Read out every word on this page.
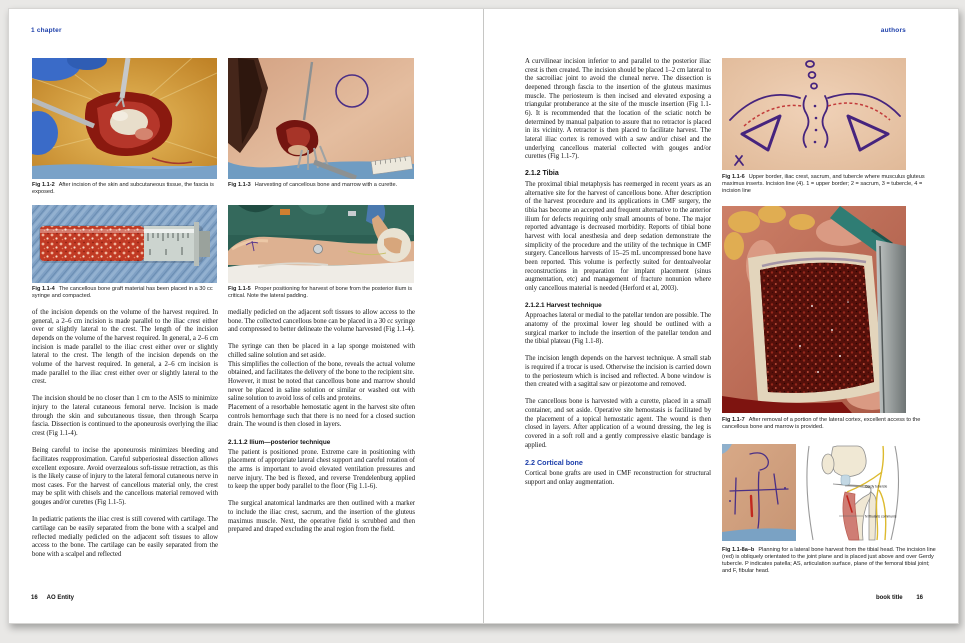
1 chapter
Fig 1.1-2 After incision of the skin and subcutaneous tissue, the fascia is exposed.
Fig 1.1-3 Harvesting of cancellous bone and marrow with a curette.
Fig 1.1-4 The cancellous bone graft material has been placed in a 30 cc syringe and compacted.
Fig 1.1-5 Proper positioning for harvest of bone from the posterior ilium is critical. Note the lateral padding.

of the incision depends on the volume of the harvest required. In general, a 2–6 cm incision is made parallel to the iliac crest either over or slightly lateral to the crest. The length of the incision depends on the volume of the harvest required. In general, a 2–6 cm incision is made parallel to the iliac crest either over or slightly lateral to the crest. The length of the incision depends on the volume of the harvest required. In general, a 2–6 cm incision is made parallel to the iliac crest either over or slightly lateral to the crest.

The incision should be no closer than 1 cm to the ASIS to minimize injury to the lateral cutaneous femoral nerve. Incision is made through the skin and subcutaneous tissue, then through Scarpa fascia. Dissection is continued to the aponeurosis overlying the iliac crest (Fig 1.1-4).

Being careful to incise the aponeurosis minimizes bleeding and facilitates reapproximation. Careful subperiosteal dissection allows excellent exposure. Avoid overzealous soft-tissue retraction, as this is the likely cause of injury to the lateral femoral cutaneous nerve in most cases. For the harvest of cancellous material only, the crest may be split with chisels and the cancellous material removed with gouges and/or curettes (Fig 1.1-5).

In pediatric patients the iliac crest is still covered with cartilage. The cartilage can be easily separated from the bone with a scalpel and reflected medially pedicled on the adjacent soft tissues to allow access to the bone. The cartilage can be easily separated from the bone with a scalpel and reflected

medially pedicled on the adjacent soft tissues to allow access to the bone. The collected cancellous bone can be placed in a 30 cc syringe and compressed to better delineate the volume harvested (Fig 1.1-4).

The syringe can then be placed in a lap sponge moistened with chilled saline solution and set aside.

This simplifies the collection of the bone, reveals the actual volume obtained, and facilitates the delivery of the bone to the recipient site.

However, it must be noted that cancellous bone and marrow should never be placed in saline solution or similar or washed out with saline solution to avoid loss of cells and proteins.

Placement of a resorbable hemostatic agent in the harvest site often controls hemorrhage such that there is no need for a closed suction drain. The wound is then closed in layers.

2.1.1.2 Ilium—posterior technique

The patient is positioned prone. Extreme care in positioning with placement of appropriate lateral chest support and careful rotation of the arms is important to avoid elevated ventilation pressures and nerve injury. The bed is flexed, and reverse Trendelenburg applied to keep the upper body parallel to the floor (Fig 1.1-6).

The surgical anatomical landmarks are then outlined with a marker to include the iliac crest, sacrum, and the insertion of the gluteus maximus muscle. Next, the operative field is scrubbed and then prepared and draped excluding the anal region from the field.

16 AO Entity
authors

A curvilinear incision inferior to and parallel to the posterior iliac crest is then created. The incision should be placed 1–2 cm lateral to the sacroiliac joint to avoid the cluneal nerve. The dissection is deepened through fascia to the insertion of the gluteus maximus muscle. The periosteum is then incised and elevated exposing a triangular protuberance at the site of the muscle insertion (Fig 1.1-6). It is recommended that the location of the sciatic notch be determined by manual palpation to assure that no retractor is placed in its vicinity. A retractor is then placed to facilitate harvest. The lateral iliac cortex is removed with a saw and/or chisel and the underlying cancellous material collected with gouges and/or curettes (Fig 1.1-7).

2.1.2 Tibia

The proximal tibial metaphysis has reemerged in recent years as an alternative site for the harvest of cancellous bone. After description of the harvest procedure and its applications in CMF surgery, the tibia has become an accepted and frequent alternative to the anterior ilium for defects requiring only small amounts of bone. The major reported advantage is decreased morbidity. Reports of tibial bone harvest with local anesthesia and deep sedation demonstrate the simplicity of the procedure and the utility of the technique in CMF surgery. Cancellous harvests of 15–25 mL uncompressed bone have been reported. This volume is perfectly suited for dentoalveolar reconstructions in preparation for implant placement (sinus augmentation, etc) and management of fracture nonunion where only cancellous material is needed (Herford et al, 2003).

2.1.2.1 Harvest technique

Approaches lateral or medial to the patellar tendon are possible. The anatomy of the proximal lower leg should be outlined with a surgical marker to include the insertion of the patellar tendon and the tibial plateau (Fig 1.1-8).

The incision length depends on the harvest technique. A small stab is required if a trocar is used. Otherwise the incision is carried down to the periosteum which is incised and reflected. A bone window is then created with a sagittal saw or piezotome and removed.

The cancellous bone is harvested with a curette, placed in a small container, and set aside. Operative site hemostasis is facilitated by the placement of a topical hemostatic agent. The wound is then closed in layers. After application of a wound dressing, the leg is covered in a soft roll and a gently compressive elastic bandage is applied.

2.2 Cortical bone

Cortical bone grafts are used in CMF reconstruction for structural support and onlay augmentation.

Fig 1.1-6 Upper border, iliac crest, sacrum, and tubercle where musculus gluteus maximus inserts. Incision line (4). 1 = upper border; 2 = sacrum, 3 = tubercle, 4 = incision line
Fig 1.1-7 After removal of a portion of the lateral cortex, excellent access to the cancellous bone and marrow is provided.
Gerdy tubercle
N fibularis communis
Fig 1.1-8a–b Planning for a lateral bone harvest from the tibial head. The incision line (red) is obliquely orientated to the joint plane and is placed just above and over Gerdy tubercle. P indicates patella; AS, articulation surface, plane of the femoral tibial joint; and F, fibular head.
book title 16
